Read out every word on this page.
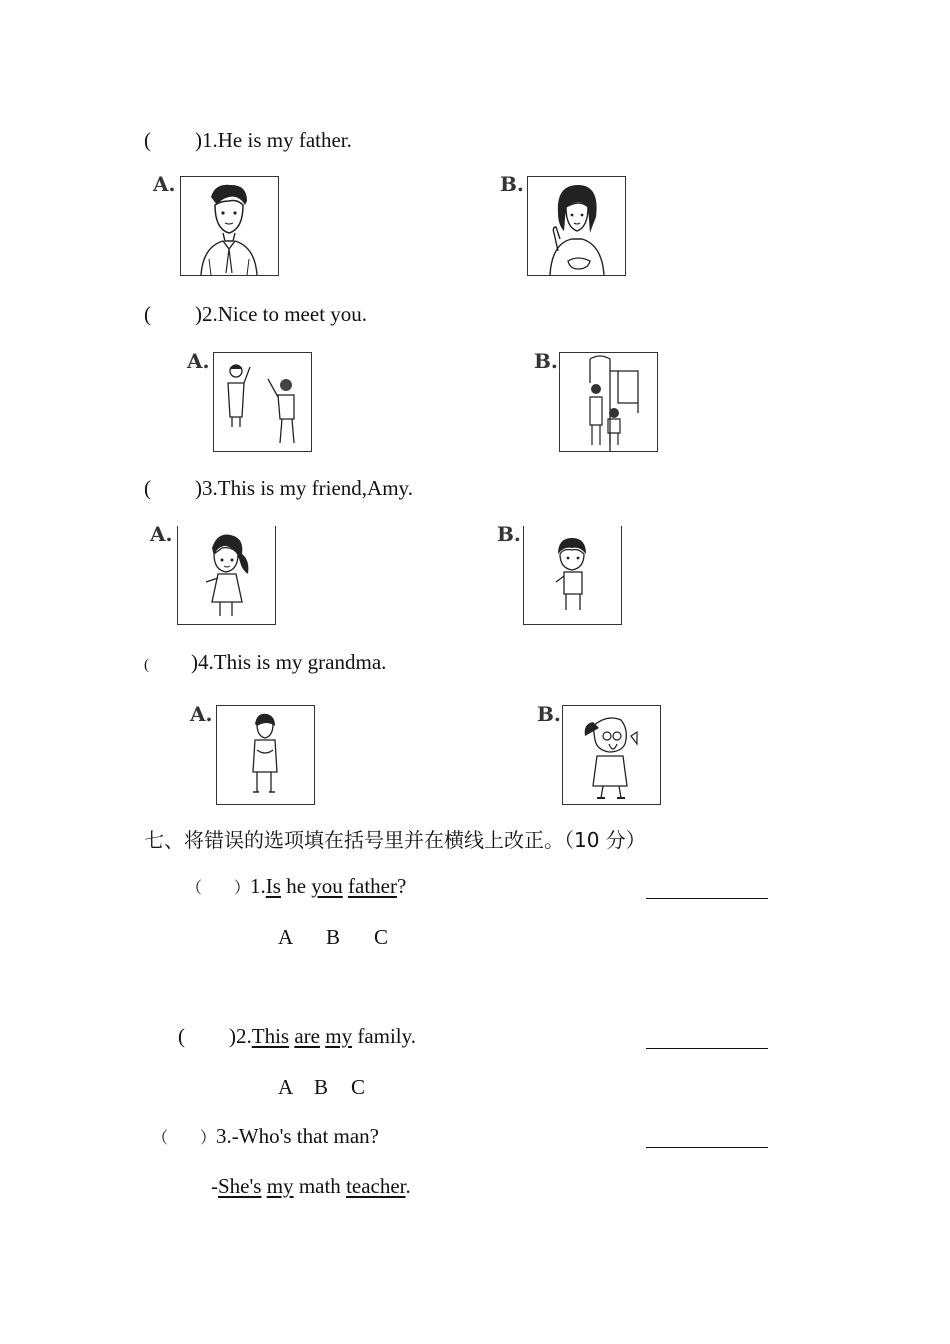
( )1.He is my father.
A.	B.
( )2.Nice to meet you.
A.	B.
( )3.This is my friend,Amy.
A.	B.
( )4.This is my grandma.
A.	B.
七、将错误的选项填在括号里并在横线上改正。（10 分）
（　　）1.Is he you father?
A B C
( )2.This are my family.
A B C
（　　）3.-Who's that man?
-She's my math teacher.
